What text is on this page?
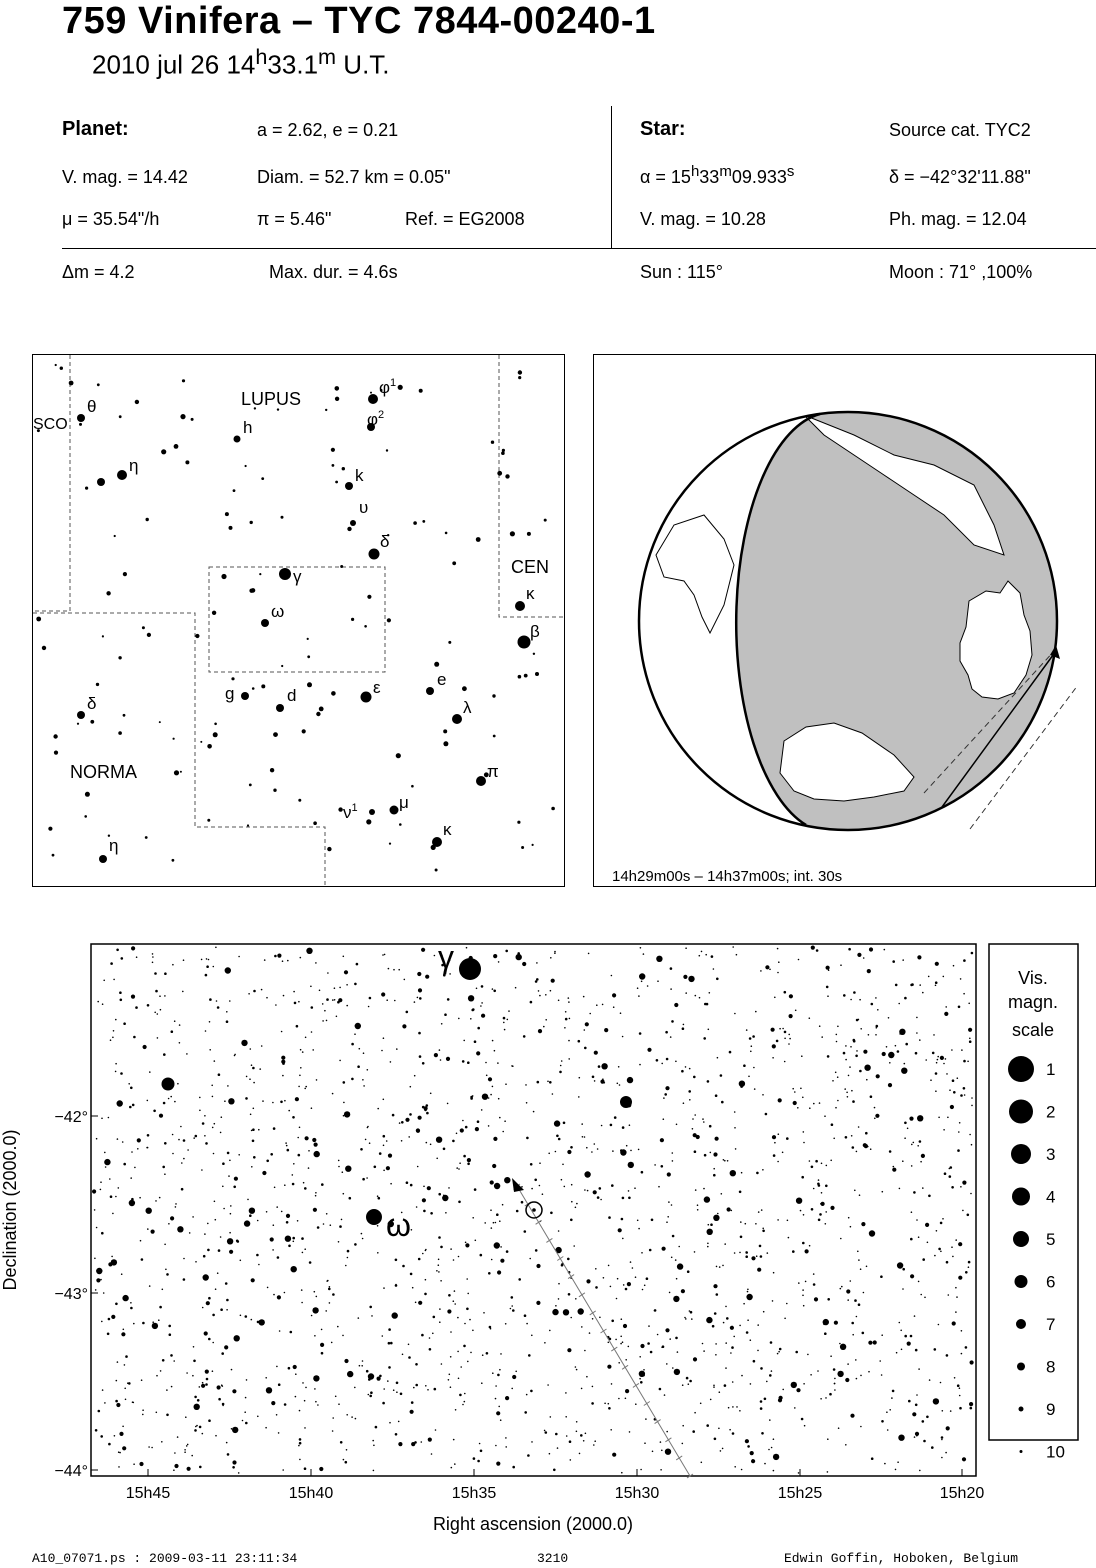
759 Vinifera – TYC 7844-00240-1
2010 jul 26 14$^h$33.1$^m$ U.T.
Planet:	a = 2.62, e = 0.21
V. mag. = 14.42	Diam. = 52.7 km = 0.05"
μ = 35.54"/h	π = 5.46"	Ref. = EG2008
Star:	Source cat. TYC2
$\alpha = 15^h33^m09.933^s$	δ = −42°32'11.88"
V. mag. = 10.28	Ph. mag. = 12.04
Δm = 4.2	Max. dur. = 4.6s	Sun : 115°	Moon : 71° ,100%
LUPUS
SCO
CEN
NORMA
θ
η
h
$\varphi^1$
$\varphi^2$
k
υ
δ
γ
ω
κ
β
g	d	ε	e
λ
δ
π
$\nu^1$ μ
κ
η
14h29m00s – 14h37m00s; int. 30s
γ
ω
−42°
−43°
−44°
15h45	15h40	15h35	15h30	15h25	15h20
Right ascension (2000.0)
Declination (2000.0)
Vis.
magn.
scale
1
2
3
4
5
6
7
8
9
10
A10_07071.ps : 2009-03-11 23:11:34	3210	Edwin Goffin, Hoboken, Belgium
